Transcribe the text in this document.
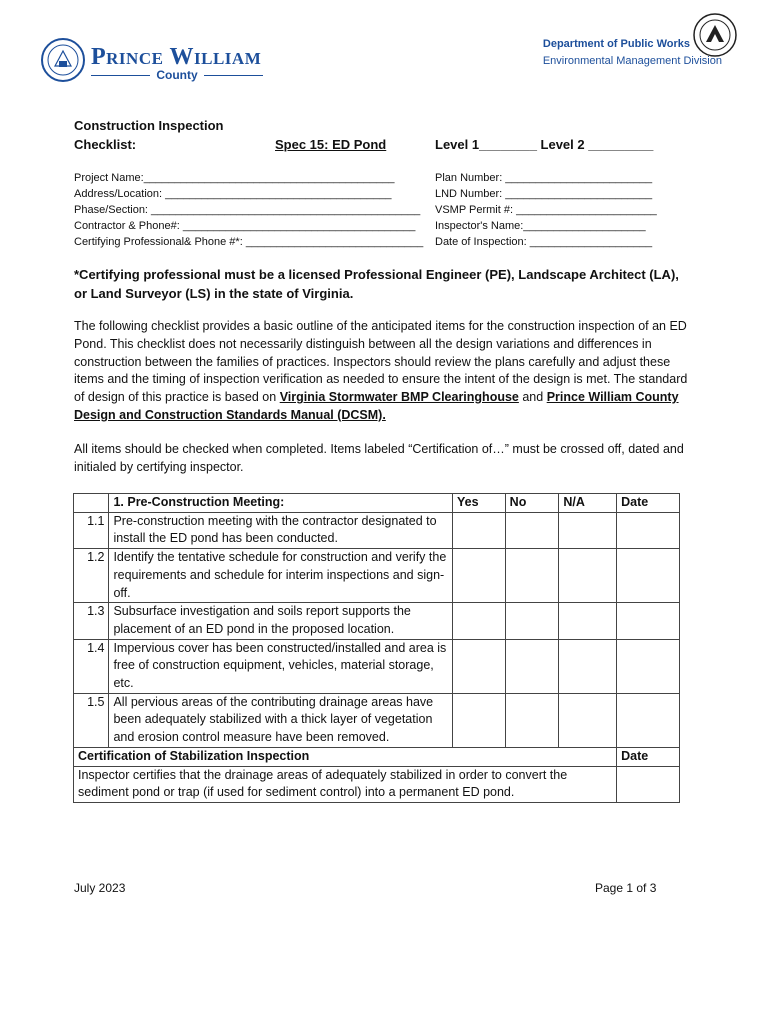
Prince William
County
Department of Public Works
Environmental Management Division
Construction Inspection
Checklist:	Spec 15: ED Pond	Level 1________ Level 2 _________
Project Name:_________________________________________
Address/Location: _____________________________________
Phase/Section: ____________________________________________
Contractor & Phone#: ______________________________________
Certifying Professional& Phone #*: _____________________________
Plan Number: ________________________
LND Number: ________________________
VSMP Permit #: _______________________
Inspector's Name:____________________
Date of Inspection: ____________________
*Certifying professional must be a licensed Professional Engineer (PE), Landscape Architect (LA), or Land Surveyor (LS) in the state of Virginia.
The following checklist provides a basic outline of the anticipated items for the construction inspection of an ED Pond. This checklist does not necessarily distinguish between all the design variations and differences in construction between the families of practices. Inspectors should review the plans carefully and adjust these items and the timing of inspection verification as needed to ensure the intent of the design is met. The standard of design of this practice is based on Virginia Stormwater BMP Clearinghouse and Prince William County Design and Construction Standards Manual (DCSM).
All items should be checked when completed. Items labeled “Certification of…” must be crossed off, dated and initialed by certifying inspector.
	1. Pre-Construction Meeting:	Yes	No	N/A	Date
1.1	Pre-construction meeting with the contractor designated to install the ED pond has been conducted.				
1.2	Identify the tentative schedule for construction and verify the requirements and schedule for interim inspections and sign-off.				
1.3	Subsurface investigation and soils report supports the placement of an ED pond in the proposed location.				
1.4	Impervious cover has been constructed/installed and area is free of construction equipment, vehicles, material storage, etc.				
1.5	All pervious areas of the contributing drainage areas have been adequately stabilized with a thick layer of vegetation and erosion control measure have been removed.				
Certification of Stabilization Inspection					Date
Inspector certifies that the drainage areas of adequately stabilized in order to convert the sediment pond or trap (if used for sediment control) into a permanent ED pond.					
July 2023	Page 1 of 3
